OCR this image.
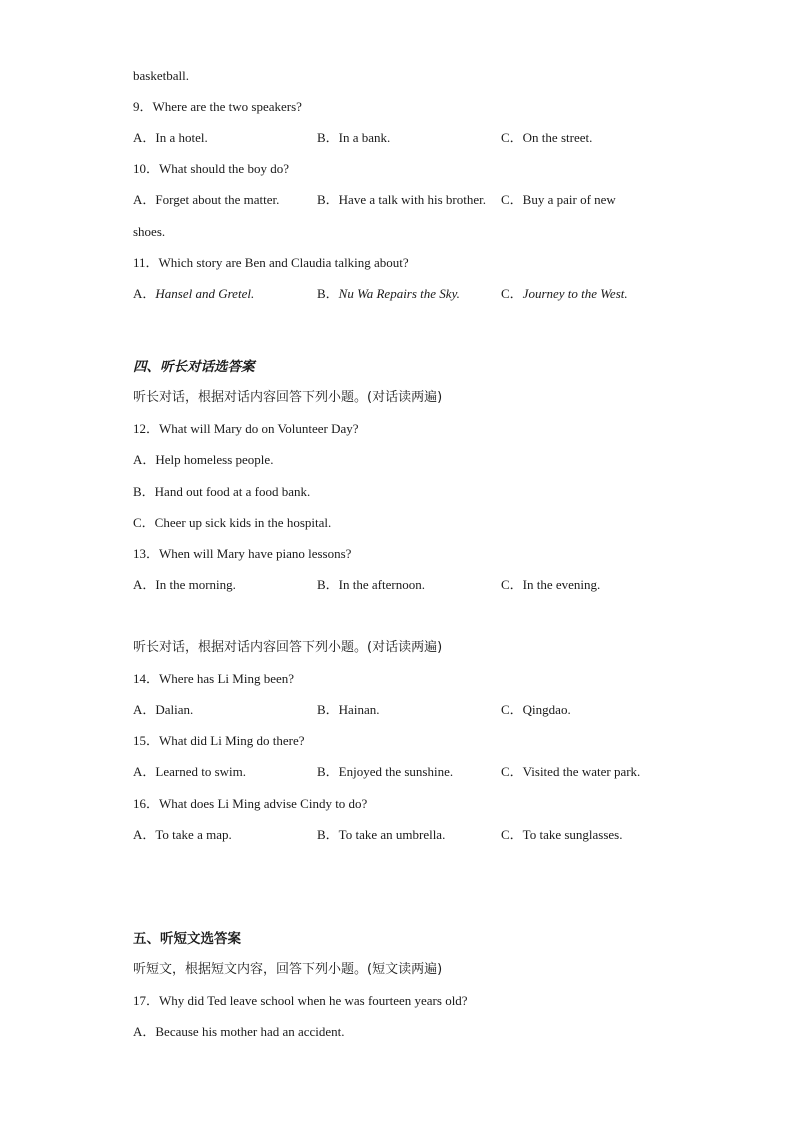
basketball.
9．Where are the two speakers?
A．In a hotel.	B．In a bank.	C．On the street.
10．What should the boy do?
A．Forget about the matter.	B．Have a talk with his brother. C．Buy a pair of new
shoes.
11．Which story are Ben and Claudia talking about?
A．Hansel and Gretel.	B．Nu Wa Repairs the Sky.	C．Journey to the West.
四、听长对话选答案
听长对话，根据对话内容回答下列小题。(对话读两遍)
12．What will Mary do on Volunteer Day?
A．Help homeless people.
B．Hand out food at a food bank.
C．Cheer up sick kids in the hospital.
13．When will Mary have piano lessons?
A．In the morning.	B．In the afternoon.	C．In the evening.
听长对话，根据对话内容回答下列小题。(对话读两遍)
14．Where has Li Ming been?
A．Dalian.	B．Hainan.	C．Qingdao.
15．What did Li Ming do there?
A．Learned to swim.	B．Enjoyed the sunshine.	C．Visited the water park.
16．What does Li Ming advise Cindy to do?
A．To take a map.	B．To take an umbrella.	C．To take sunglasses.
五、听短文选答案
听短文，根据短文内容，回答下列小题。(短文读两遍)
17．Why did Ted leave school when he was fourteen years old?
A．Because his mother had an accident.
